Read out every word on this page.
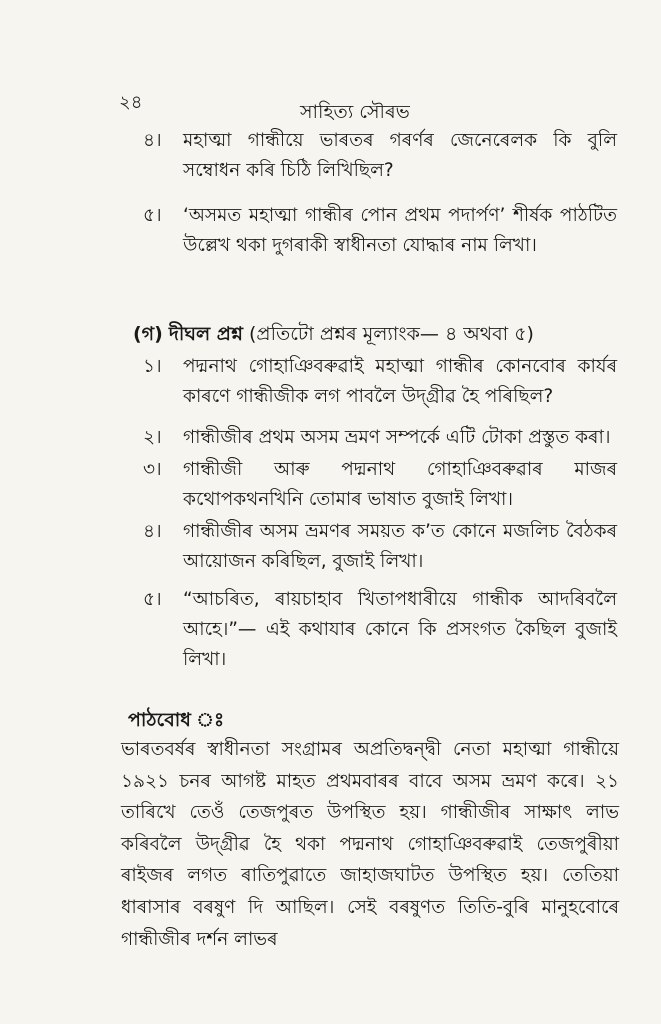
২৪	সাহিত্য সৌৰভ
৪।	মহাত্মা গান্ধীয়ে ভাৰতৰ গৰৰ্ণৰ জেনেৰেলক কি বুলি সম্বোধন কৰি চিঠি লিখিছিল?
৫।	‘অসমত মহাত্মা গান্ধীৰ পোন প্ৰথম পদাৰ্পণ’ শীৰ্ষক পাঠটিত উল্লেখ থকা দুগৰাকী স্বাধীনতা যোদ্ধাৰ নাম লিখা।
(গ) দীঘল প্ৰশ্ন (প্ৰতিটো প্ৰশ্নৰ মূল্যাংক— ৪ অথবা ৫)
১।	পদ্মনাথ গোহাঞিবৰুৱাই মহাত্মা গান্ধীৰ কোনবোৰ কাৰ্যৰ কাৰণে গান্ধীজীক লগ পাবলৈ উদ্গ্ৰীৱ হৈ পৰিছিল?
২।	গান্ধীজীৰ প্ৰথম অসম ভ্ৰমণ সম্পৰ্কে এটি টোকা প্ৰস্তুত কৰা।
৩।	গান্ধীজী আৰু পদ্মনাথ গোহাঞিবৰুৱাৰ মাজৰ কথোপকথনখিনি তোমাৰ ভাষাত বুজাই লিখা।
৪।	গান্ধীজীৰ অসম ভ্ৰমণৰ সময়ত ক’ত কোনে মজলিচ বৈঠকৰ আয়োজন কৰিছিল, বুজাই লিখা।
৫।	“আচৰিত, ৰায়চাহাব খিতাপধাৰীয়ে গান্ধীক আদৰিবলৈ আহে।”— এই কথাযাৰ কোনে কি প্ৰসংগত কৈছিল বুজাই লিখা।
পাঠবোধ ঃ
ভাৰতবৰ্ষৰ স্বাধীনতা সংগ্ৰামৰ অপ্ৰতিদ্বন্দ্বী নেতা মহাত্মা গান্ধীয়ে ১৯২১ চনৰ আগষ্ট মাহত প্ৰথমবাৰৰ বাবে অসম ভ্ৰমণ কৰে। ২১ তাৰিখে তেওঁ তেজপুৰত উপস্থিত হয়। গান্ধীজীৰ সাক্ষাৎ লাভ কৰিবলৈ উদ্গ্ৰীৱ হৈ থকা পদ্মনাথ গোহাঞিবৰুৱাই তেজপুৰীয়া ৰাইজৰ লগত ৰাতিপুৱাতে জাহাজঘাটত উপস্থিত হয়। তেতিয়া ধাৰাসাৰ বৰষুণ দি আছিল। সেই বৰষুণত তিতি-বুৰি মানুহবোৰে গান্ধীজীৰ দৰ্শন লাভৰ
